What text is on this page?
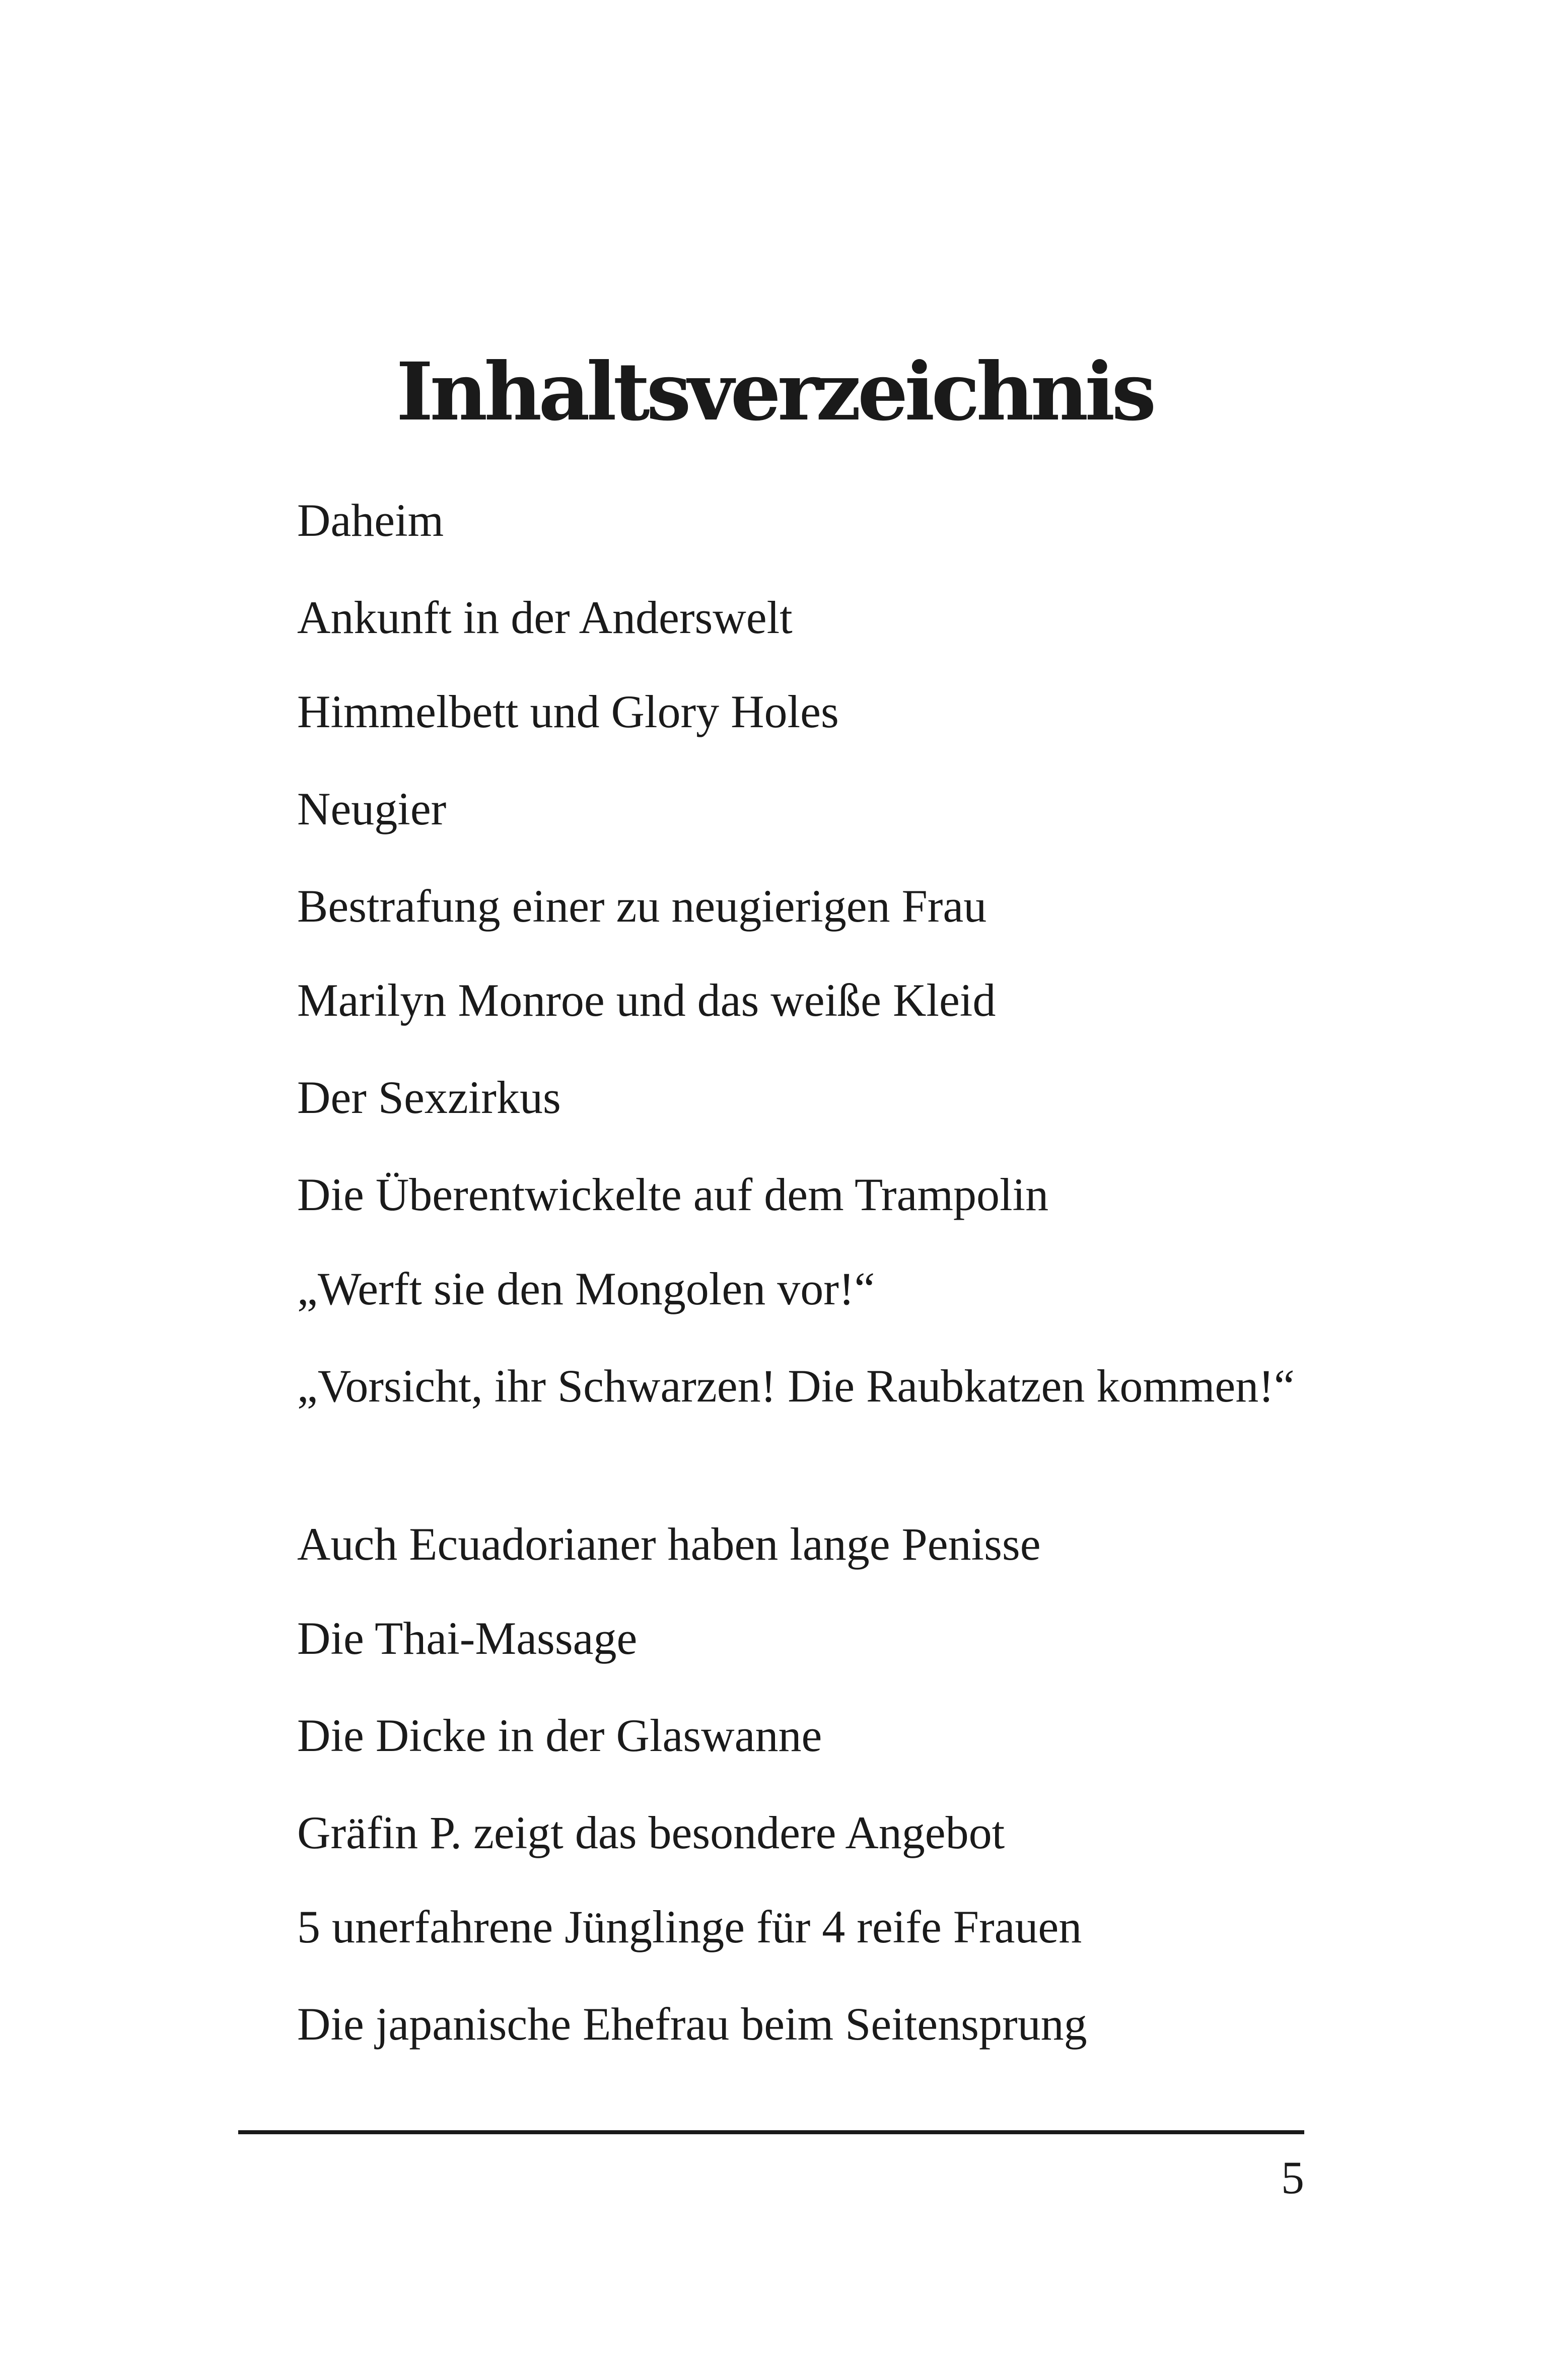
Inhaltsverzeichnis
Daheim
Ankunft in der Anderswelt
Himmelbett und Glory Holes
Neugier
Bestrafung einer zu neugierigen Frau
Marilyn Monroe und das weiße Kleid
Der Sexzirkus
Die Überentwickelte auf dem Trampolin
„Werft sie den Mongolen vor!“
„Vorsicht, ihr Schwarzen! Die Raubkatzen kommen!“
Auch Ecuadorianer haben lange Penisse
Die Thai-Massage
Die Dicke in der Glaswanne
Gräfin P. zeigt das besondere Angebot
5 unerfahrene Jünglinge für 4 reife Frauen
Die japanische Ehefrau beim Seitensprung
5
